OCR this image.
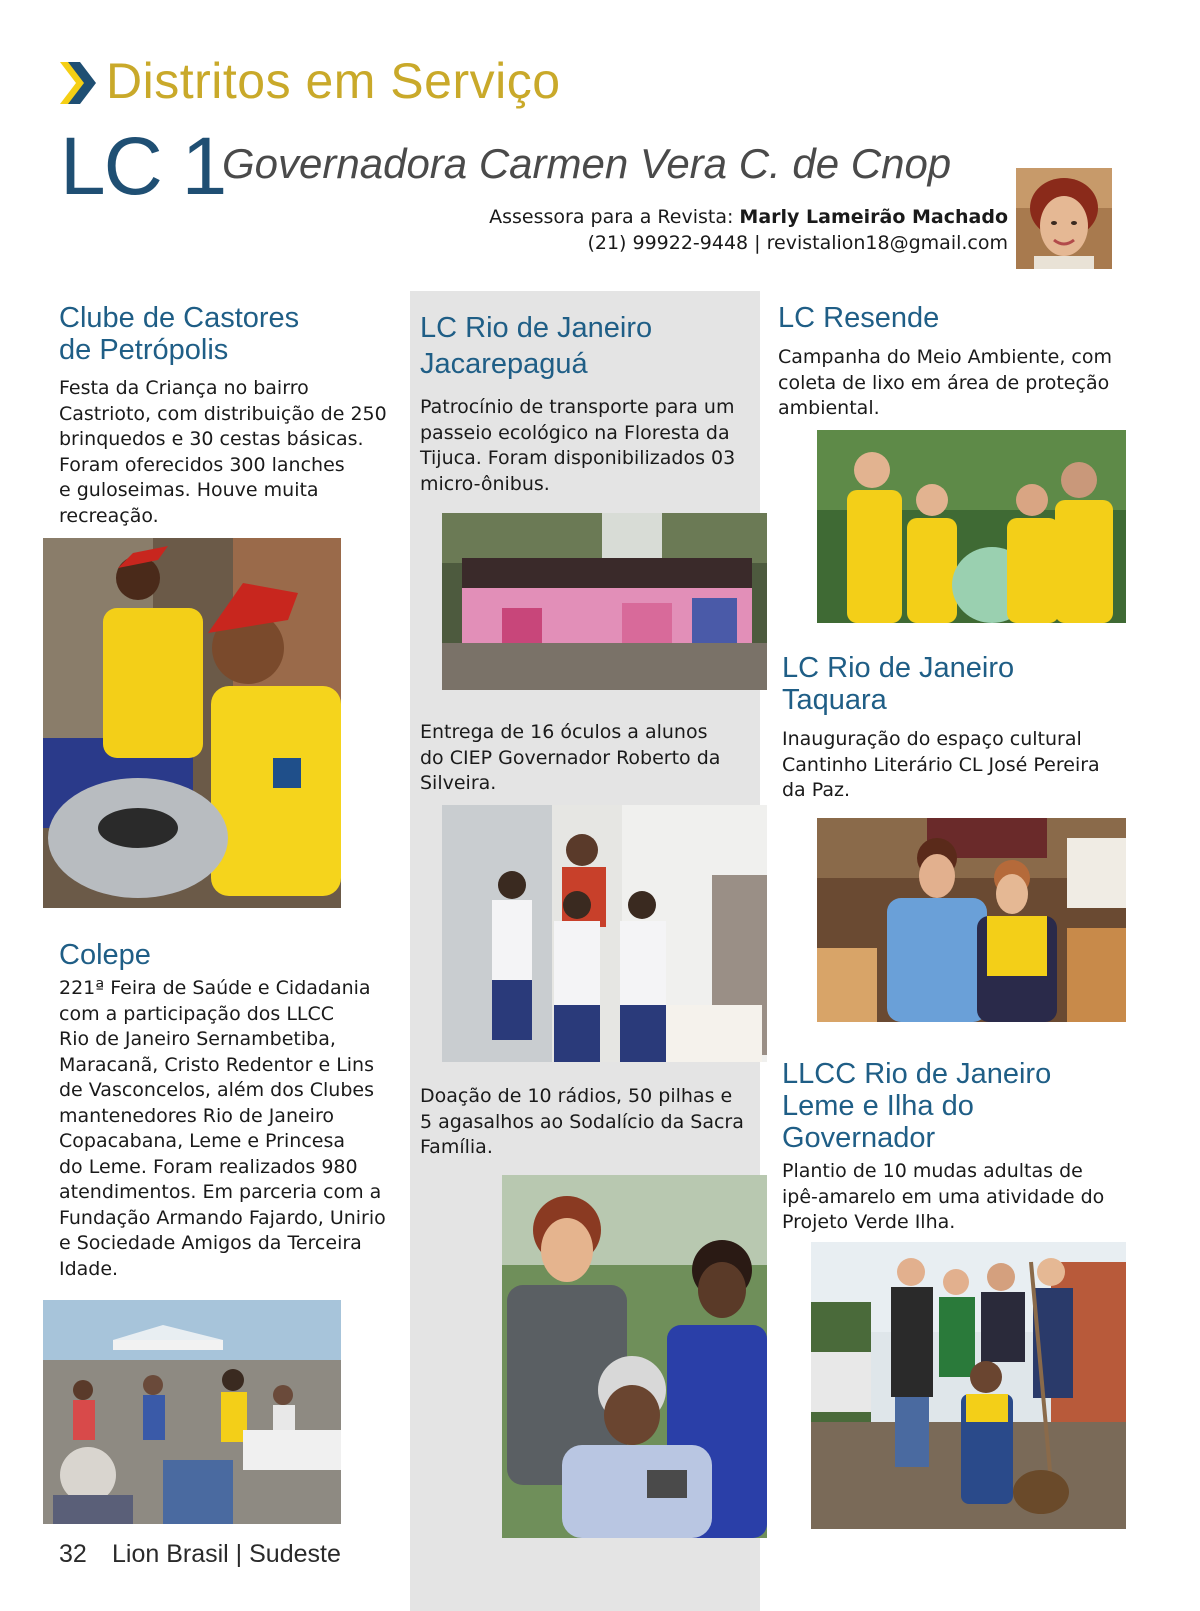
Distritos em Serviço
LC 1
Governadora Carmen Vera C. de Cnop
Assessora para a Revista: Marly Lameirão Machado
(21) 99922-9448 | revistalion18@gmail.com
Clube de Castores
de Petrópolis
Festa da Criança no bairro
Castrioto, com distribuição de 250
brinquedos e 30 cestas básicas.
Foram oferecidos 300 lanches
e guloseimas. Houve muita
recreação.
Colepe
221ª Feira de Saúde e Cidadania
com a participação dos LLCC
Rio de Janeiro Sernambetiba,
Maracanã, Cristo Redentor e Lins
de Vasconcelos, além dos Clubes
mantenedores Rio de Janeiro
Copacabana, Leme e Princesa
do Leme. Foram realizados 980
atendimentos. Em parceria com a
Fundação Armando Fajardo, Unirio
e Sociedade Amigos da Terceira
Idade.
LC Rio de Janeiro
Jacarepaguá
Patrocínio de transporte para um
passeio ecológico na Floresta da
Tijuca. Foram disponibilizados 03
micro-ônibus.
Entrega de 16 óculos a alunos
do CIEP Governador Roberto da
Silveira.
Doação de 10 rádios, 50 pilhas e
5 agasalhos ao Sodalício da Sacra
Família.
LC Resende
Campanha do Meio Ambiente, com
coleta de lixo em área de proteção
ambiental.
LC Rio de Janeiro
Taquara
Inauguração do espaço cultural
Cantinho Literário CL José Pereira
da Paz.
LLCC Rio de Janeiro
Leme e Ilha do
Governador
Plantio de 10 mudas adultas de
ipê-amarelo em uma atividade do
Projeto Verde Ilha.
32 Lion Brasil | Sudeste
